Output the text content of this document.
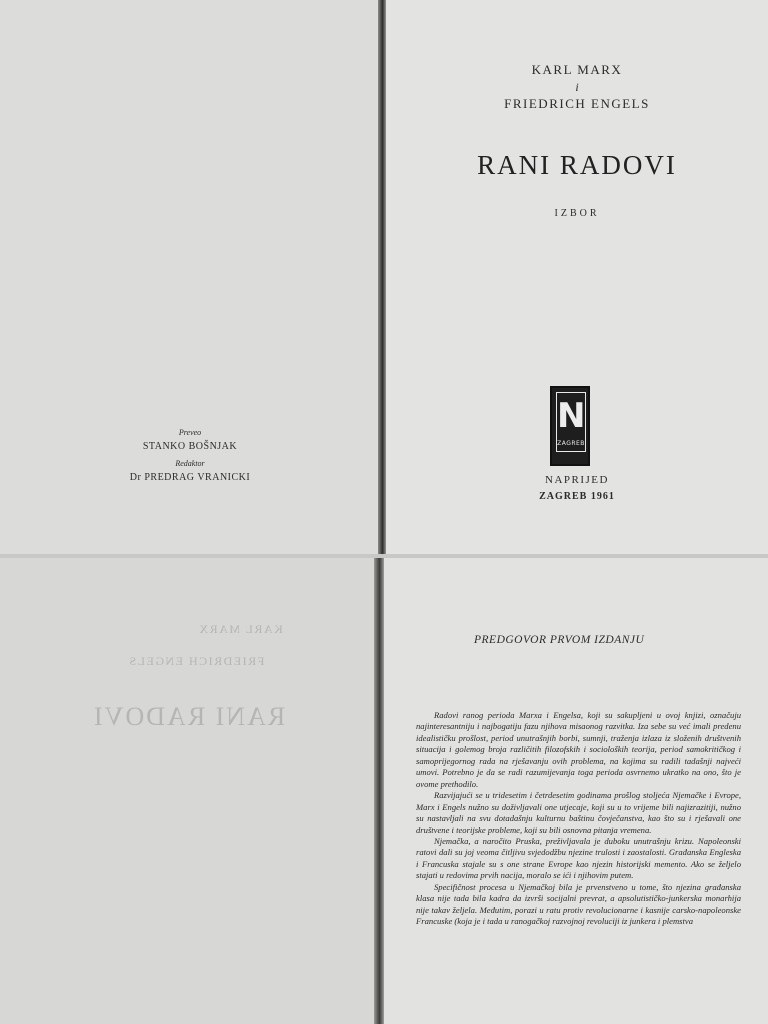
Preveo
STANKO BOŠNJAK
Redaktor
Dr PREDRAG VRANICKI
KARL MARX
i
FRIEDRICH ENGELS
RANI RADOVI
IZBOR
N
ZAGREB
NAPRIJED
ZAGREB 1961
KARL MARX
FRIEDRICH ENGELS
RANI RADOVI
PREDGOVOR PRVOM IZDANJU

Radovi ranog perioda Marxa i Engelsa, koji su sakupljeni u ovoj knjizi, označuju najinteresantniju i najbogatiju fazu njihova misaonog razvitka. Iza sebe su već imali predenu idealističku prošlost, period unutrašnjih borbi, sumnji, traženja izlaza iz složenih društvenih situacija i golemog broja različitih filozofskih i socioloških teorija, period samokritičkog i samoprijegornog rada na rješavanju ovih problema, na kojima su radili tadašnji najveći umovi. Potrebno je da se radi razumijevanja toga perioda osvrnemo ukratko na ono, što je ovome prethodilo.

Razvijajući se u tridesetim i četrdesetim godinama prošlog stoljeća Njemačke i Evrope, Marx i Engels nužno su doživljavali one utjecaje, koji su u to vrijeme bili najizrazitiji, nužno su nastavljali na svu dotadašnju kulturnu baštinu čovječanstva, kao što su i rješavali one društvene i teorijske probleme, koji su bili osnovna pitanja vremena.

Njemačka, a naročito Pruska, preživljavala je duboku unutrašnju krizu. Napoleonski ratovi dali su joj veoma čitljivu svjedodžbu njezine trulosti i zaostalosti. Građanska Engleska i Francuska stajale su s one strane Evrope kao njezin historijski memento. Ako se željelo stajati u redovima prvih nacija, moralo se ići i njihovim putem.

Specifičnost procesa u Njemačkoj bila je prvenstveno u tome, što njezina građanska klasa nije tada bila kadra da izvrši socijalni prevrat, a apsolutističko-junkerska monarhija nije takav željela. Međutim, porazi u ratu protiv revolucionarne i kasnije carsko-napoleonske Francuske (koja je i tada u ranogačkoj razvojnoj revoluciji iz junkera i plemstva
